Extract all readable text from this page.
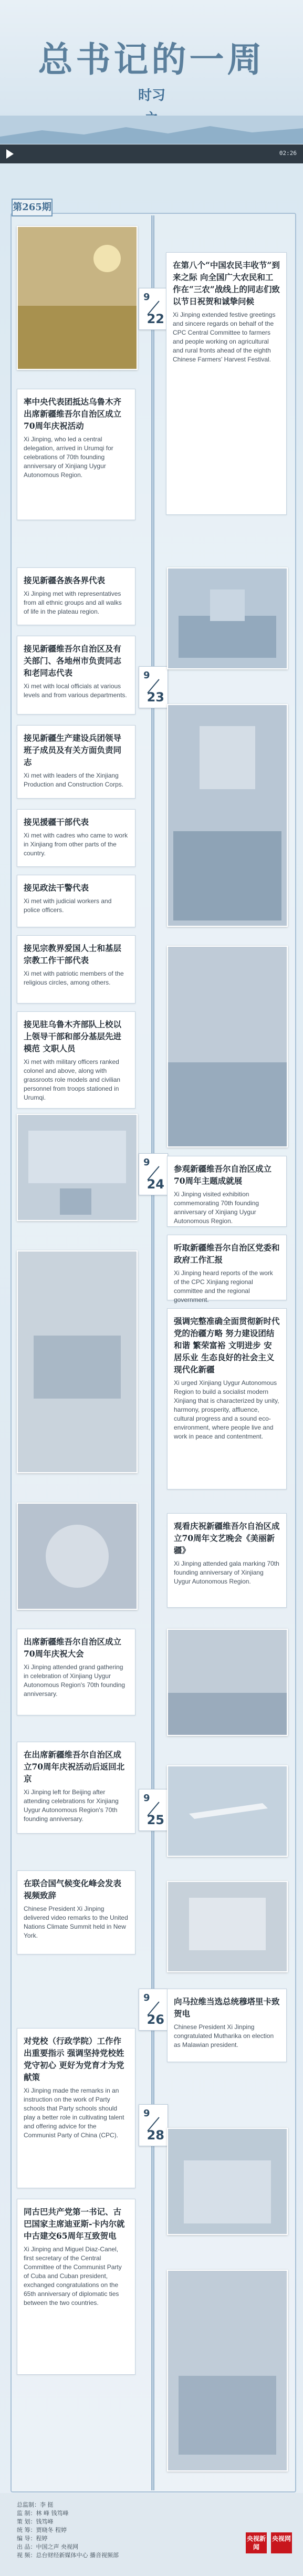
总书记的一周
时习
02:26
第265期
9
22
9
23
9
24
9
25
9
26
9
28

在第八个“中国农民丰收节”到来之际 向全国广大农民和工作在“三农”战线上的同志们致以节日祝贺和诚挚问候

Xi Jinping extended festive greetings and sincere regards on behalf of the CPC Central Committee to farmers and people working on agricultural and rural fronts ahead of the eighth Chinese Farmers' Harvest Festival.

率中央代表团抵达乌鲁木齐出席新疆维吾尔自治区成立70周年庆祝活动

Xi Jinping, who led a central delegation, arrived in Urumqi for celebrations of 70th founding anniversary of Xinjiang Uygur Autonomous Region.

接见新疆各族各界代表

Xi Jinping met with representatives from all ethnic groups and all walks of life in the plateau region.

接见新疆维吾尔自治区及有关部门、各地州市负责同志和老同志代表

Xi met with local officials at various levels and from various departments.

接见新疆生产建设兵团领导班子成员及有关方面负责同志

Xi met with leaders of the Xinjiang Production and Construction Corps.

接见援疆干部代表

Xi met with cadres who came to work in Xinjiang from other parts of the country.

接见政法干警代表

Xi met with judicial workers and police officers.

接见宗教界爱国人士和基层宗教工作干部代表

Xi met with patriotic members of the religious circles, among others.

接见驻乌鲁木齐部队上校以上领导干部和部分基层先进模范 文职人员

Xi met with military officers ranked colonel and above, along with grassroots role models and civilian personnel from troops stationed in Urumqi.

参观新疆维吾尔自治区成立70周年主题成就展

Xi Jinping visited exhibition commemorating 70th founding anniversary of Xinjiang Uygur Autonomous Region.

听取新疆维吾尔自治区党委和政府工作汇报

Xi Jinping heard reports of the work of the CPC Xinjiang regional committee and the regional government.

强调完整准确全面贯彻新时代党的治疆方略 努力建设团结和谐 繁荣富裕 文明进步 安居乐业 生态良好的社会主义现代化新疆

Xi urged Xinjiang Uygur Autonomous Region to build a socialist modern Xinjiang that is characterized by unity, harmony, prosperity, affluence, cultural progress and a sound eco-environment, where people live and work in peace and contentment.

观看庆祝新疆维吾尔自治区成立70周年文艺晚会《美丽新疆》

Xi Jinping attended gala marking 70th founding anniversary of Xinjiang Uygur Autonomous Region.

出席新疆维吾尔自治区成立70周年庆祝大会

Xi Jinping attended grand gathering in celebration of Xinjiang Uygur Autonomous Region's 70th founding anniversary.

在出席新疆维吾尔自治区成立70周年庆祝活动后返回北京

Xi Jinping left for Beijing after attending celebrations for Xinjiang Uygur Autonomous Region's 70th founding anniversary.

在联合国气候变化峰会发表视频致辞

Chinese President Xi Jinping delivered video remarks to the United Nations Climate Summit held in New York.

向马拉维当选总统穆塔里卡致贺电

Chinese President Xi Jinping congratulated Mutharika on election as Malawian president.

对党校（行政学院）工作作出重要指示 强调坚持党校姓党守初心 更好为党育才为党献策

Xi Jinping made the remarks in an instruction on the work of Party schools that Party schools should play a better role in cultivating talent and offering advice for the Communist Party of China (CPC).

同古巴共产党第一书记、古巴国家主席迪亚斯-卡内尔就中古建交65周年互致贺电

Xi Jinping and Miguel Diaz-Canel, first secretary of the Central Committee of the Communist Party of Cuba and Cuban president, exchanged congratulations on the 65th anniversary of diplomatic ties between the two countries.

总监制：李 挺
监 制：林 峰 钱笃峰
策 划：钱笃峰
统 筹：贾晓冬 程婷
编 导：程婷
出 品：中国之声 央视网
视 频：总台财经新媒体中心 播音视频部
央视新闻
央视网
